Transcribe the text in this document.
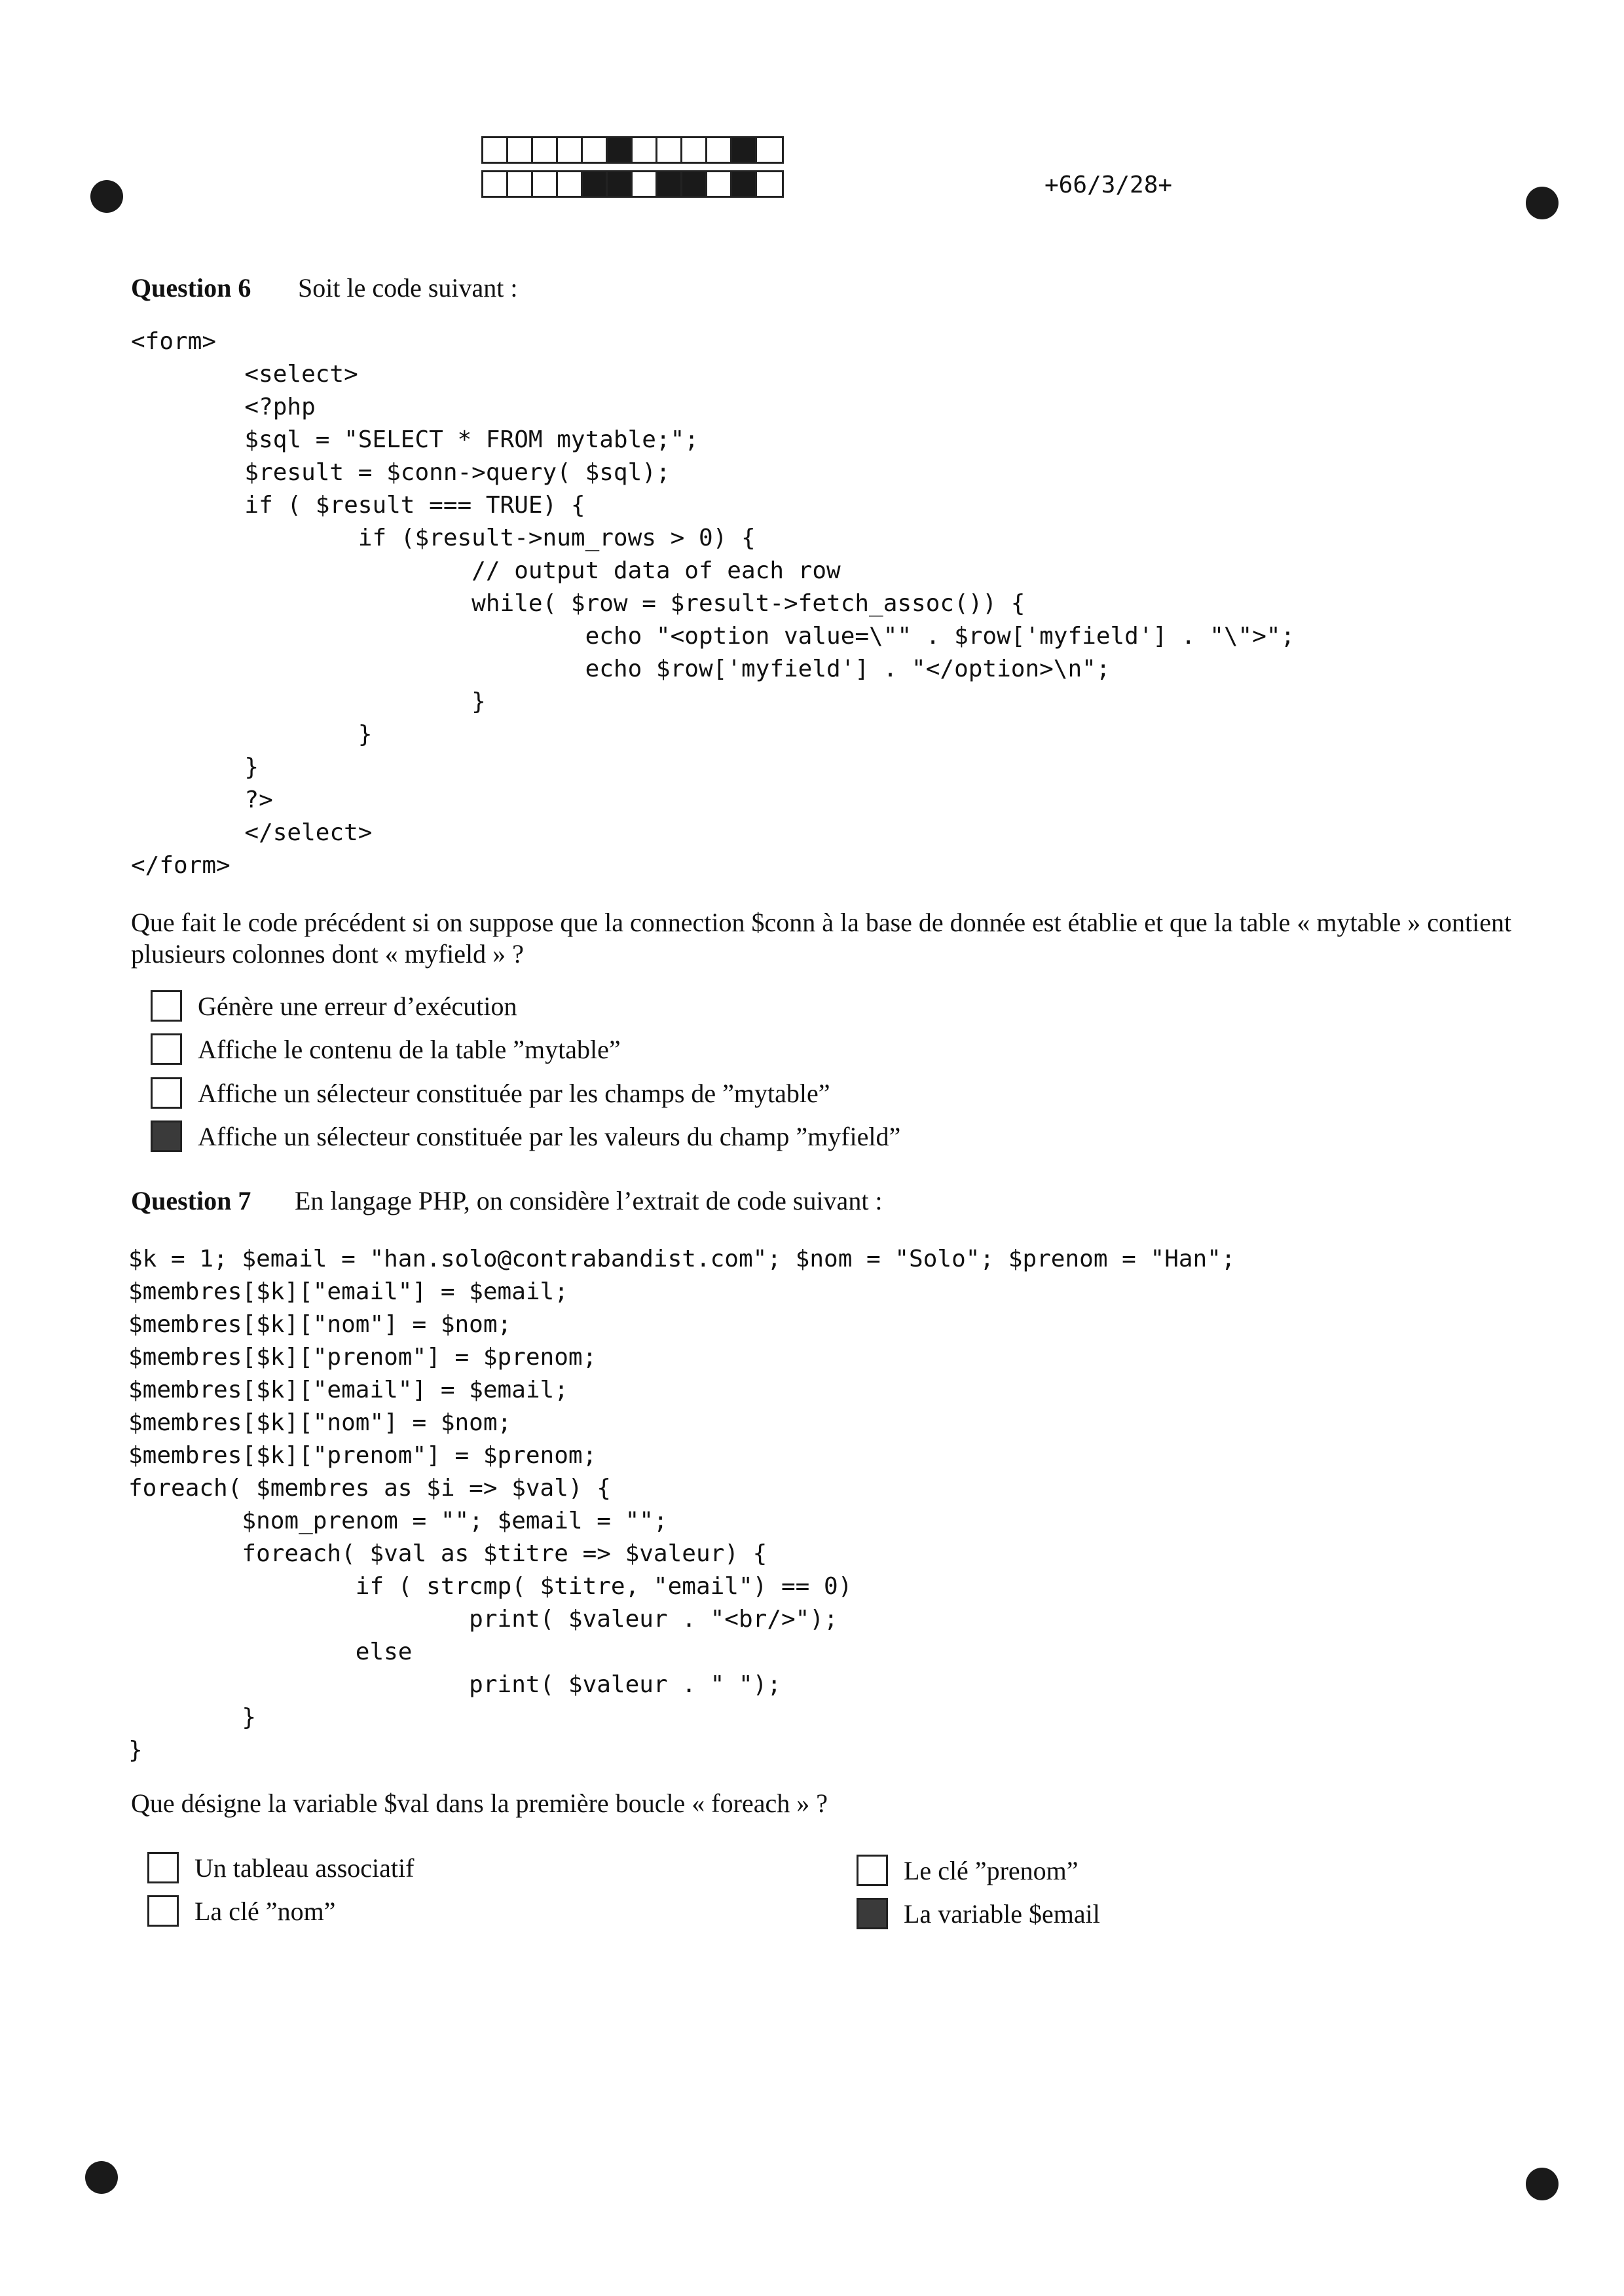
+66/3/28+
Question 6	Soit le code suivant :
<form>
<select>
<?php
$sql = "SELECT * FROM mytable;";
$result = $conn->query( $sql);
if ( $result === TRUE) {
if ($result->num_rows > 0) {
// output data of each row
while( $row = $result->fetch_assoc()) {
echo "<option value=\"" . $row['myfield'] . "\">";
echo $row['myfield'] . "</option>\n";
}
}
}
?>
</select>
</form>

Que fait le code précédent si on suppose que la connection $conn à la base de donnée est établie et que la table « mytable » contient plusieurs colonnes dont « myfield » ?
Génère une erreur d’exécution
Affiche le contenu de la table ”mytable”
Affiche un sélecteur constituée par les champs de ”mytable”
Affiche un sélecteur constituée par les valeurs du champ ”myfield”
Question 7	En langage PHP, on considère l’extrait de code suivant :
$k = 1; $email = "han.solo@contrabandist.com"; $nom = "Solo"; $prenom = "Han";
$membres[$k]["email"] = $email;
$membres[$k]["nom"] = $nom;
$membres[$k]["prenom"] = $prenom;
$membres[$k]["email"] = $email;
$membres[$k]["nom"] = $nom;
$membres[$k]["prenom"] = $prenom;
foreach( $membres as $i => $val) {
$nom_prenom = ""; $email = "";
foreach( $val as $titre => $valeur) {
if ( strcmp( $titre, "email") == 0)
print( $valeur . "<br/>");
else
print( $valeur . " ");
}
}

Que désigne la variable $val dans la première boucle « foreach » ?
Un tableau associatif
La clé ”nom”
Le clé ”prenom”
La variable $email
